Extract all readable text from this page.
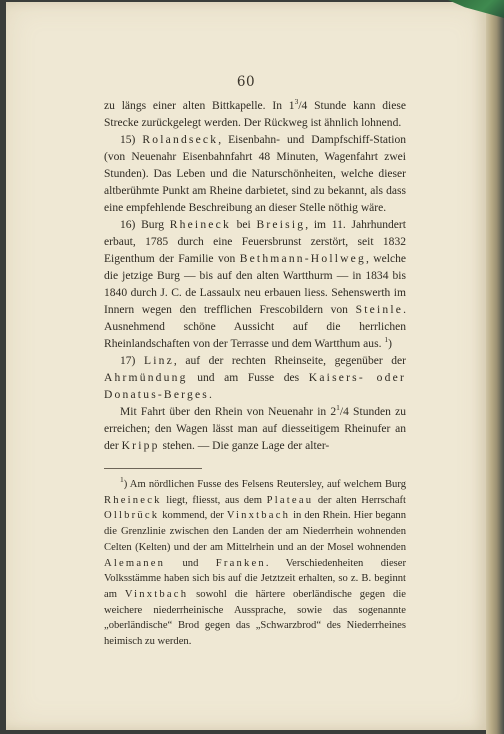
60

zu längs einer alten Bittkapelle. In $1^3/4$ Stunde kann diese Strecke zurückgelegt werden. Der Rückweg ist ähnlich lohnend.

15) Rolandseck, Eisenbahn- und Dampfschiff-Station (von Neuenahr Eisenbahnfahrt 48 Minuten, Wagenfahrt zwei Stunden). Das Leben und die Naturschönheiten, welche dieser altberühmte Punkt am Rheine darbietet, sind zu bekannt, als dass eine empfehlende Beschreibung an dieser Stelle nöthig wäre.

16) Burg Rheineck bei Breisig, im 11. Jahrhundert erbaut, 1785 durch eine Feuersbrunst zerstört, seit 1832 Eigenthum der Familie von Bethmann-Hollweg, welche die jetzige Burg — bis auf den alten Wartthurm — in 1834 bis 1840 durch J. C. de Lassaulx neu erbauen liess. Sehenswerth im Innern wegen den trefflichen Frescobildern von Steinle. Ausnehmend schöne Aussicht auf die herrlichen Rheinlandschaften von der Terrasse und dem Wartthum aus. $^1$)

17) Linz, auf der rechten Rheinseite, gegenüber der Ahrmündung und am Fusse des Kaisers- oder Donatus-Berges.

Mit Fahrt über den Rhein von Neuenahr in $2^1/4$ Stunden zu erreichen; den Wagen lässt man auf diesseitigem Rheinufer an der Kripp stehen. — Die ganze Lage der alter-

$^1$) Am nördlichen Fusse des Felsens Reutersley, auf welchem Burg Rheineck liegt, fliesst, aus dem Plateau der alten Herrschaft Ollbrück kommend, der Vinxtbach in den Rhein. Hier begann die Grenzlinie zwischen den Landen der am Niederrhein wohnenden Celten (Kelten) und der am Mittelrhein und an der Mosel wohnenden Alemanen und Franken. Verschiedenheiten dieser Volksstämme haben sich bis auf die Jetztzeit erhalten, so z. B. beginnt am Vinxtbach sowohl die härtere oberländische gegen die weichere niederrheinische Aussprache, sowie das sogenannte „oberländische“ Brod gegen das „Schwarzbrod“ des Niederrheines heimisch zu werden.
